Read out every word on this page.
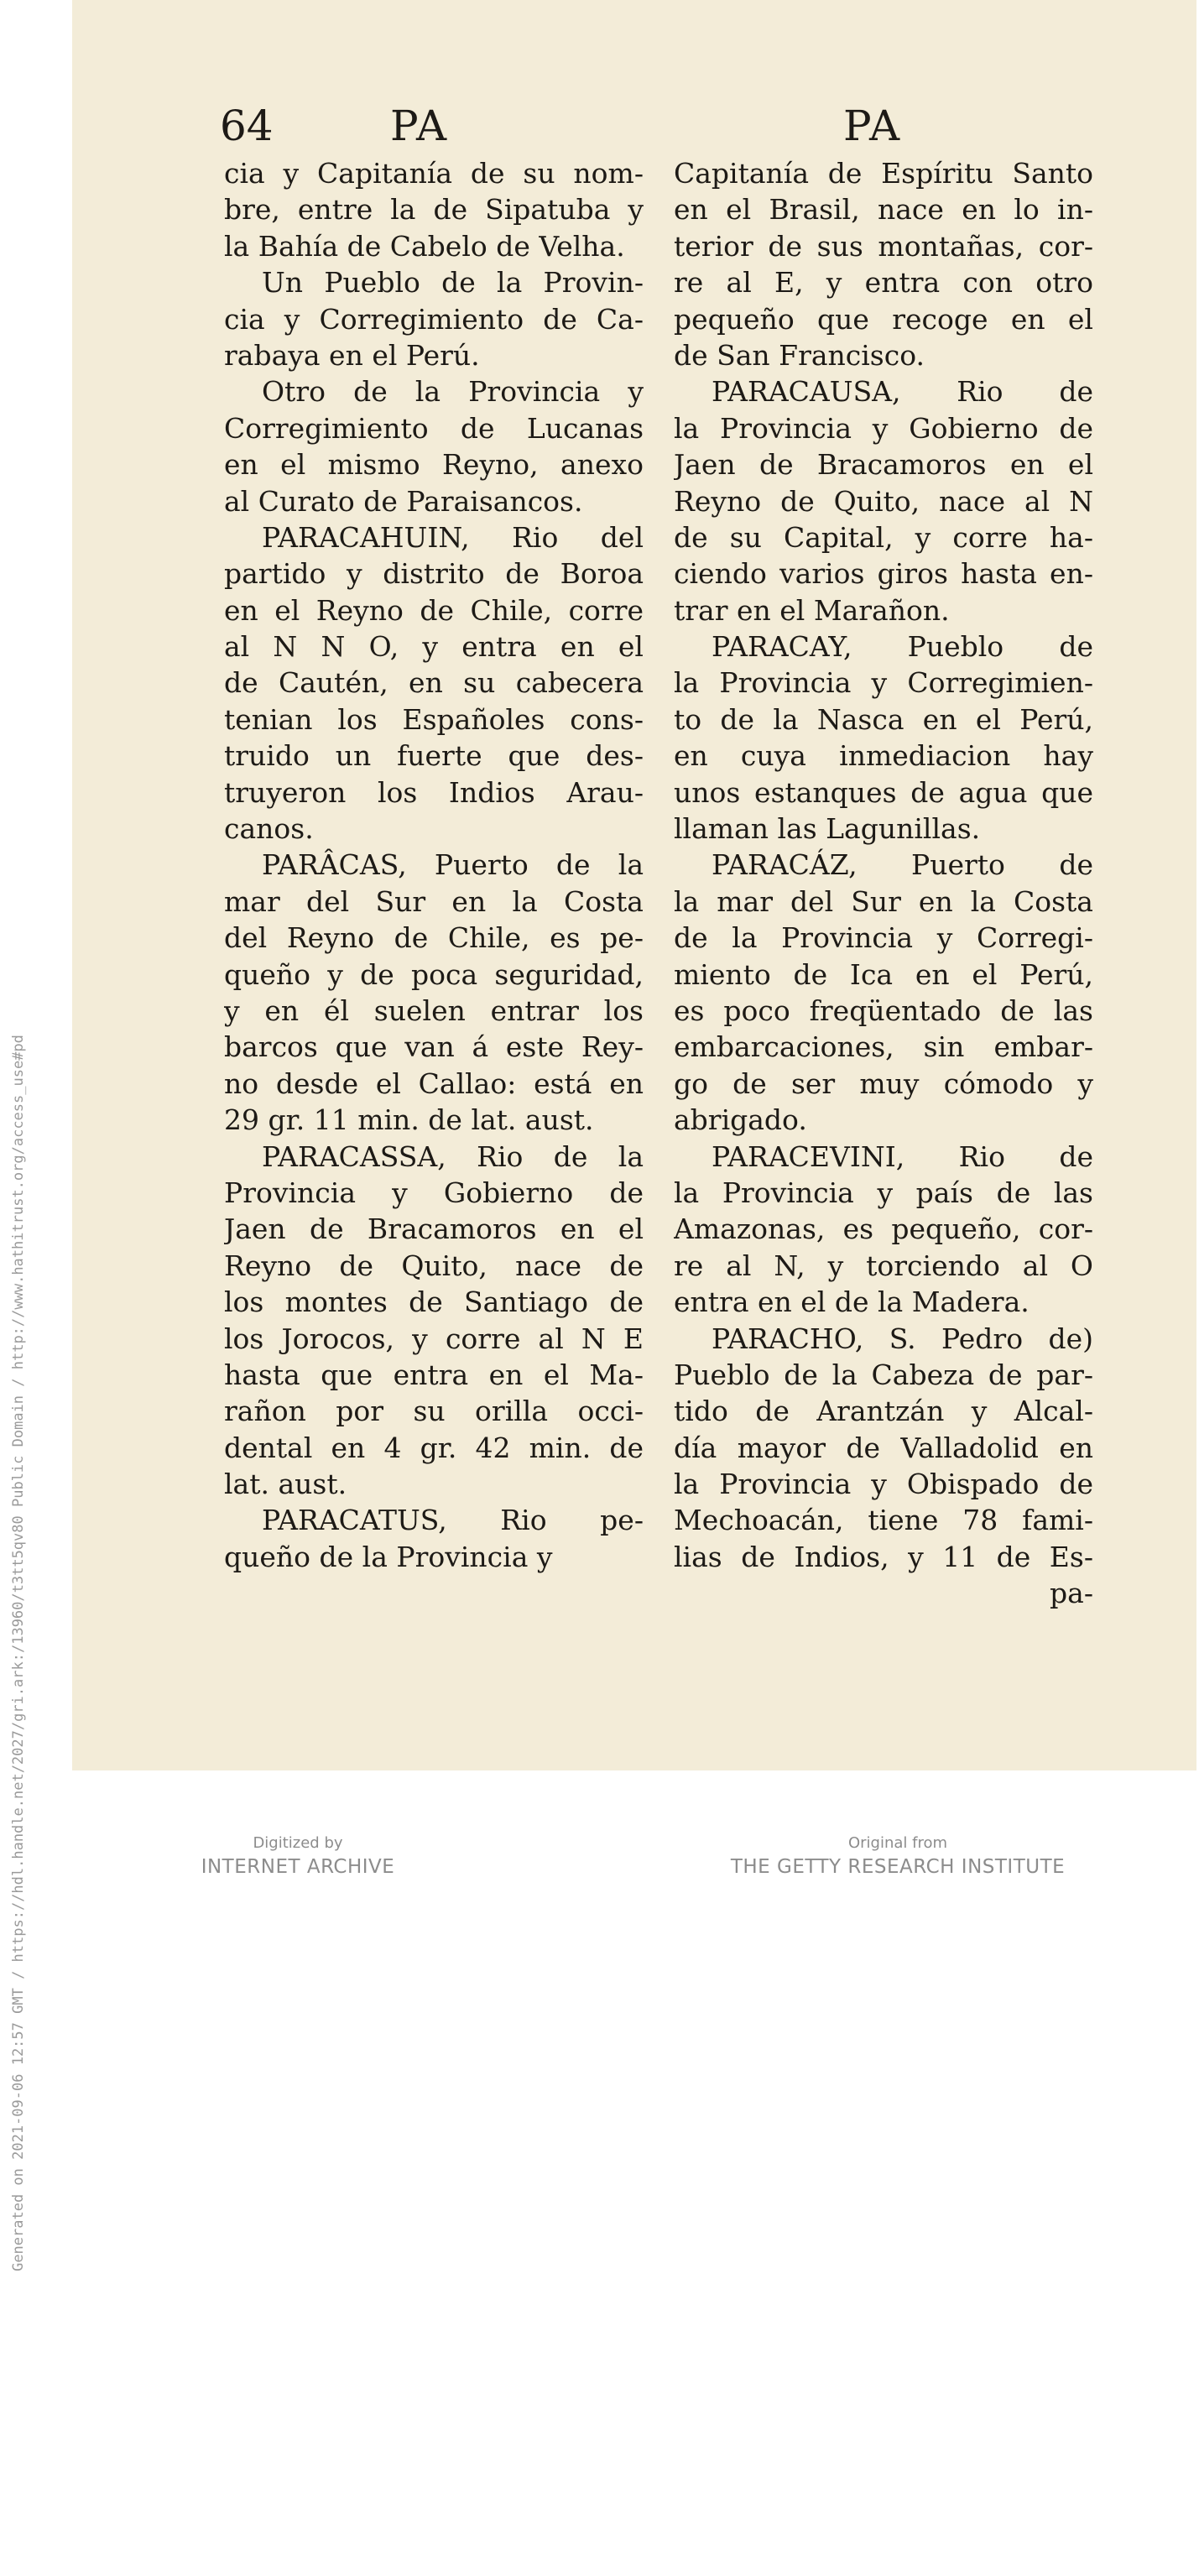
Generated on 2021-09-06 12:57 GMT / https://hdl.handle.net/2027/gri.ark:/13960/t3tt5qv80 Public Domain / http://www.hathitrust.org/access_use#pd
64	PA	PA
cia y Capitanía de su nom-
bre, entre la de Sipatuba y
la Bahía de Cabelo de Velha.
Un Pueblo de la Provin-
cia y Corregimiento de Ca-
rabaya en el Perú.
Otro de la Provincia y
Corregimiento de Lucanas
en el mismo Reyno, anexo
al Curato de Paraisancos.
PARACAHUIN, Rio del
partido y distrito de Boroa
en el Reyno de Chile, corre
al N N O, y entra en el
de Cautén, en su cabecera
tenian los Españoles cons-
truido un fuerte que des-
truyeron los Indios Arau-
canos.
PARÂCAS, Puerto de la
mar del Sur en la Costa
del Reyno de Chile, es pe-
queño y de poca seguridad,
y en él suelen entrar los
barcos que van á este Rey-
no desde el Callao: está en
29 gr. 11 min. de lat. aust.
PARACASSA, Rio de la
Provincia y Gobierno de
Jaen de Bracamoros en el
Reyno de Quito, nace de
los montes de Santiago de
los Jorocos, y corre al N E
hasta que entra en el Ma-
rañon por su orilla occi-
dental en 4 gr. 42 min. de
lat. aust.
PARACATUS, Rio pe-
queño de la Provincia y
Capitanía de Espíritu Santo
en el Brasil, nace en lo in-
terior de sus montañas, cor-
re al E, y entra con otro
pequeño que recoge en el
de San Francisco.
PARACAUSA, Rio de
la Provincia y Gobierno de
Jaen de Bracamoros en el
Reyno de Quito, nace al N
de su Capital, y corre ha-
ciendo varios giros hasta en-
trar en el Marañon.
PARACAY, Pueblo de
la Provincia y Corregimien-
to de la Nasca en el Perú,
en cuya inmediacion hay
unos estanques de agua que
llaman las Lagunillas.
PARACÁZ, Puerto de
la mar del Sur en la Costa
de la Provincia y Corregi-
miento de Ica en el Perú,
es poco freqüentado de las
embarcaciones, sin embar-
go de ser muy cómodo y
abrigado.
PARACEVINI, Rio de
la Provincia y país de las
Amazonas, es pequeño, cor-
re al N, y torciendo al O
entra en el de la Madera.
PARACHO, S. Pedro de)
Pueblo de la Cabeza de par-
tido de Arantzán y Alcal-
día mayor de Valladolid en
la Provincia y Obispado de
Mechoacán, tiene 78 fami-
lias de Indios, y 11 de Es-
pa-
Digitized by
INTERNET ARCHIVE
Original from
THE GETTY RESEARCH INSTITUTE
